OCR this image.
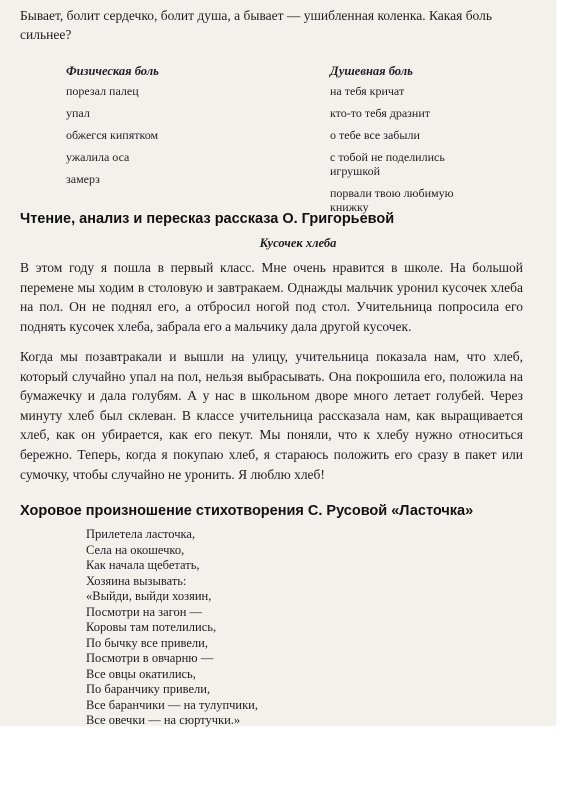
Бывает, болит сердечко, болит душа, а бывает — ушибленная коленка. Какая боль сильнее?
Физическая боль
порезал палец
упал
обжегся кипятком
ужалила оса
замерз
Душевная боль
на тебя кричат
кто-то тебя дразнит
о тебе все забыли
с тобой не поделились игрушкой
порвали твою любимую книжку
Чтение, анализ и пересказ рассказа О. Григорьевой
Кусочек хлеба
В этом году я пошла в первый класс. Мне очень нравится в школе. На большой перемене мы ходим в столовую и завтракаем. Однажды мальчик уронил кусочек хлеба на пол. Он не поднял его, а отбросил ногой под стол. Учительница попросила его поднять кусочек хлеба, забрала его а мальчику дала другой кусочек.
Когда мы позавтракали и вышли на улицу, учительница показала нам, что хлеб, который случайно упал на пол, нельзя выбрасывать. Она покрошила его, положила на бумажечку и дала голубям. А у нас в школьном дворе много летает голубей. Через минуту хлеб был склеван. В классе учительница рассказала нам, как выращивается хлеб, как он убирается, как его пекут. Мы поняли, что к хлебу нужно относиться бережно. Теперь, когда я покупаю хлеб, я стараюсь положить его сразу в пакет или сумочку, чтобы случайно не уронить. Я люблю хлеб!
Хоровое произношение стихотворения С. Русовой «Ласточка»
Прилетела ласточка,
Села на окошечко,
Как начала щебетать,
Хозяина вызывать:
«Выйди, выйди хозяин,
Посмотри на загон —
Коровы там потелились,
По бычку все привели,
Посмотри в овчарню —
Все овцы окатились,
По баранчику привели,
Все баранчики — на тулупчики,
Все овечки — на сюртучки.»
